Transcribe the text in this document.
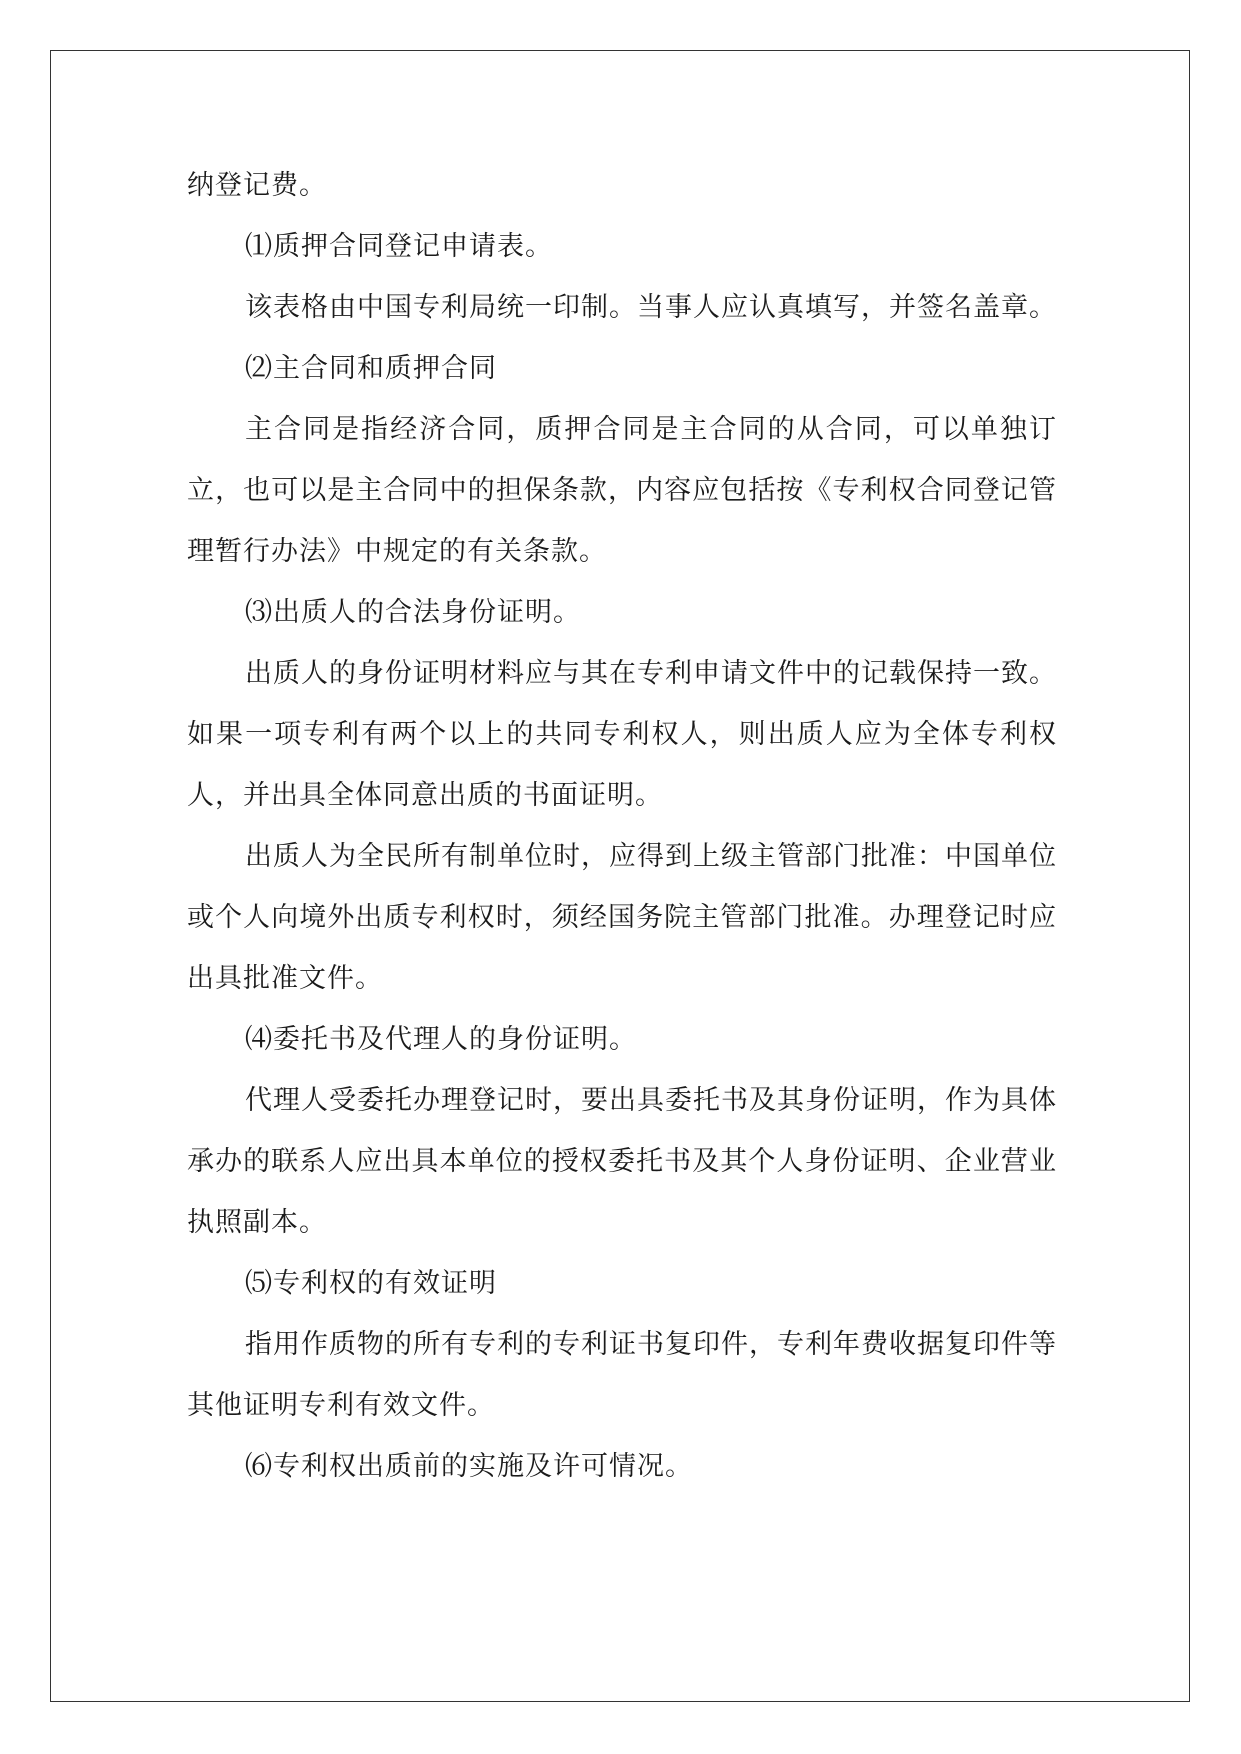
纳登记费。

⑴质押合同登记申请表。

该表格由中国专利局统一印制。当事人应认真填写，并签名盖章。

⑵主合同和质押合同

主合同是指经济合同，质押合同是主合同的从合同，可以单独订立，也可以是主合同中的担保条款，内容应包括按《专利权合同登记管理暂行办法》中规定的有关条款。

⑶出质人的合法身份证明。

出质人的身份证明材料应与其在专利申请文件中的记载保持一致。如果一项专利有两个以上的共同专利权人，则出质人应为全体专利权人，并出具全体同意出质的书面证明。

出质人为全民所有制单位时，应得到上级主管部门批准：中国单位或个人向境外出质专利权时，须经国务院主管部门批准。办理登记时应出具批准文件。

⑷委托书及代理人的身份证明。

代理人受委托办理登记时，要出具委托书及其身份证明，作为具体承办的联系人应出具本单位的授权委托书及其个人身份证明、企业营业执照副本。

⑸专利权的有效证明

指用作质物的所有专利的专利证书复印件，专利年费收据复印件等其他证明专利有效文件。

⑹专利权出质前的实施及许可情况。
